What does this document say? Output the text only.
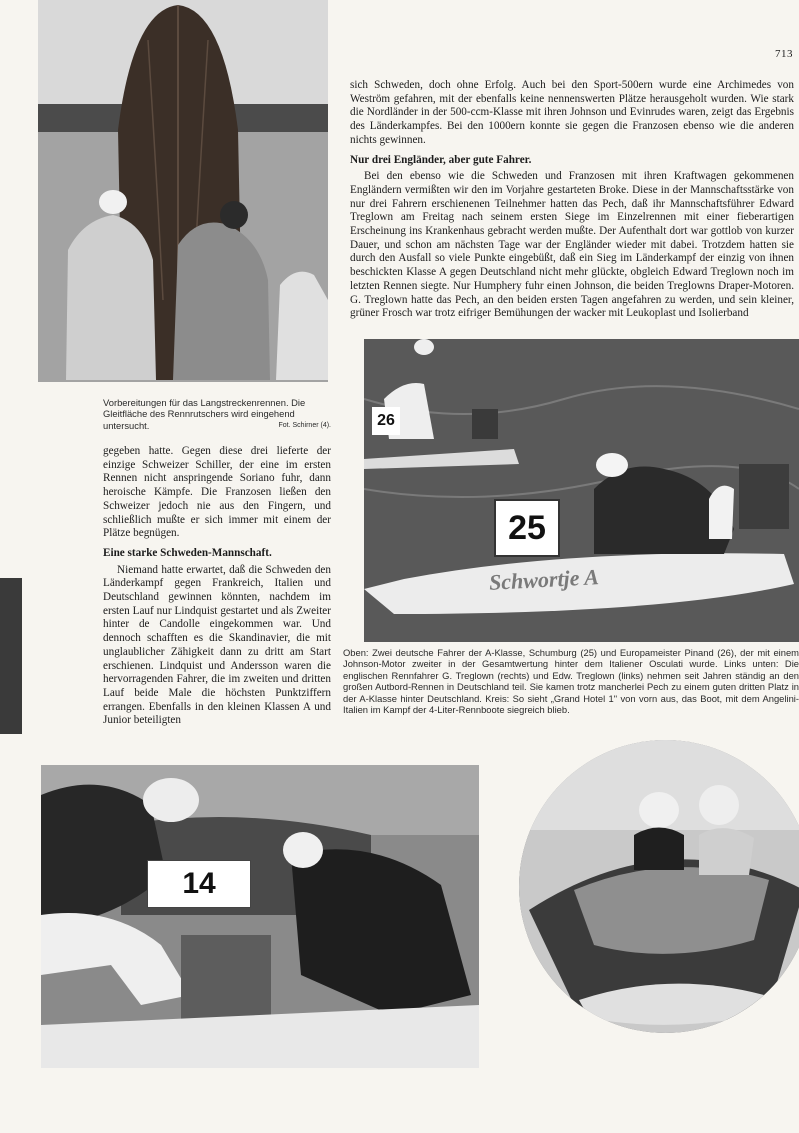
713
Vorbereitungen für das Langstreckenrennen. Die Gleitfläche des Rennrutschers wird eingehend untersucht.	Fot. Schirner (4).

sich Schweden, doch ohne Erfolg. Auch bei den Sport-500ern wurde eine Archimedes von Weström gefahren, mit der ebenfalls keine nennenswerten Plätze herausgeholt wurden. Wie stark die Nordländer in der 500-ccm-Klasse mit ihren Johnson und Evinrudes waren, zeigt das Ergebnis des Länderkampfes. Bei den 1000ern konnte sie gegen die Franzosen ebenso wie die anderen nichts gewinnen.

Nur drei Engländer, aber gute Fahrer.

Bei den ebenso wie die Schweden und Franzosen mit ihren Kraftwagen gekommenen Engländern vermißten wir den im Vorjahre gestarteten Broke. Diese in der Mannschaftsstärke von nur drei Fahrern erschienenen Teilnehmer hatten das Pech, daß ihr Mannschaftsführer Edward Treglown am Freitag nach seinem ersten Siege im Einzelrennen mit einer fieberartigen Erscheinung ins Krankenhaus gebracht werden mußte. Der Aufenthalt dort war gottlob von kurzer Dauer, und schon am nächsten Tage war der Engländer wieder mit dabei. Trotzdem hatten sie durch den Ausfall so viele Punkte eingebüßt, daß ein Sieg im Länderkampf der einzig von ihnen beschickten Klasse A gegen Deutschland nicht mehr glückte, obgleich Edward Treglown noch im letzten Rennen siegte. Nur Humphery fuhr einen Johnson, die beiden Treglowns Draper-Motoren. G. Treglown hatte das Pech, an den beiden ersten Tagen angefahren zu werden, und sein kleiner, grüner Frosch war trotz eifriger Bemühungen der wacker mit Leukoplast und Isolierband

gegeben hatte. Gegen diese drei lieferte der einzige Schweizer Schiller, der eine im ersten Rennen nicht anspringende Soriano fuhr, dann heroische Kämpfe. Die Franzosen ließen den Schweizer jedoch nie aus den Fingern, und schließlich mußte er sich immer mit einem der Plätze begnügen.

Eine starke Schweden-Mannschaft.

Niemand hatte erwartet, daß die Schweden den Länderkampf gegen Frankreich, Italien und Deutschland gewinnen könnten, nachdem im ersten Lauf nur Lindquist gestartet und als Zweiter hinter de Candolle eingekommen war. Und dennoch schafften es die Skandinavier, die mit unglaublicher Zähigkeit dann zu dritt am Start erschienen. Lindquist und Andersson waren die hervorragenden Fahrer, die im zweiten und dritten Lauf beide Male die höchsten Punktziffern errangen. Ebenfalls in den kleinen Klassen A und Junior beteiligten

26
25
Schwortje A
Oben: Zwei deutsche Fahrer der A-Klasse, Schumburg (25) und Europameister Pinand (26), der mit einem Johnson-Motor zweiter in der Gesamtwertung hinter dem Italiener Osculati wurde. Links unten: Die englischen Rennfahrer G. Treglown (rechts) und Edw. Treglown (links) nehmen seit Jahren ständig an den großen Autbord-Rennen in Deutschland teil. Sie kamen trotz mancherlei Pech zu einem guten dritten Platz in der A-Klasse hinter Deutschland. Kreis: So sieht „Grand Hotel 1" von vorn aus, das Boot, mit dem Angelini-Italien im Kampf der 4-Liter-Rennboote siegreich blieb.
14
